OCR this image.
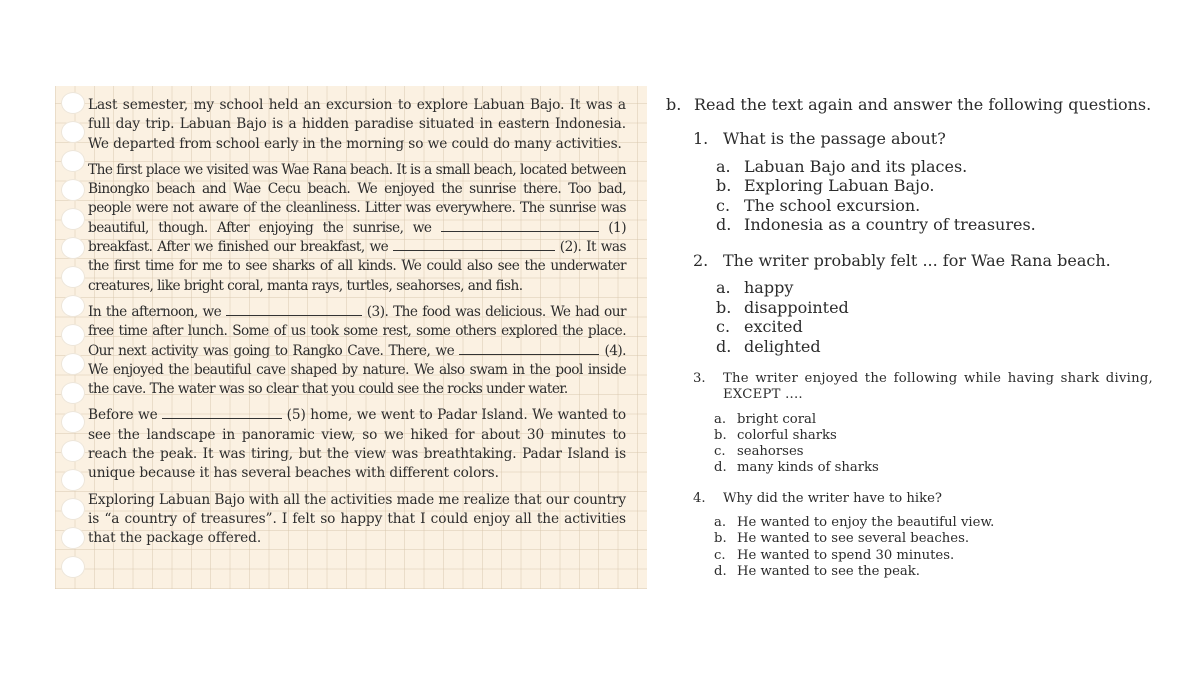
Last semester, my school held an excursion to explore Labuan Bajo. It was a full day trip. Labuan Bajo is a hidden paradise situated in eastern Indonesia. We departed from school early in the morning so we could do many activities.

The first place we visited was Wae Rana beach. It is a small beach, located between Binongko beach and Wae Cecu beach. We enjoyed the sunrise there. Too bad, people were not aware of the cleanliness. Litter was everywhere. The sunrise was beautiful, though. After enjoying the sunrise, we	(1) breakfast. After we finished our breakfast, we	(2). It was the first time for me to see sharks of all kinds. We could also see the underwater creatures, like bright coral, manta rays, turtles, seahorses, and fish.

In the afternoon, we	(3). The food was delicious. We had our free time after lunch. Some of us took some rest, some others explored the place. Our next activity was going to Rangko Cave. There, we	(4). We enjoyed the beautiful cave shaped by nature. We also swam in the pool inside the cave. The water was so clear that you could see the rocks under water.

Before we	(5) home, we went to Padar Island. We wanted to see the landscape in panoramic view, so we hiked for about 30 minutes to reach the peak. It was tiring, but the view was breathtaking. Padar Island is unique because it has several beaches with different colors.

Exploring Labuan Bajo with all the activities made me realize that our country is “a country of treasures”. I felt so happy that I could enjoy all the activities that the package offered.

b. Read the text again and answer the following questions.
1. What is the passage about?
a. Labuan Bajo and its places.
b. Exploring Labuan Bajo.
c. The school excursion.
d. Indonesia as a country of treasures.
2. The writer probably felt ... for Wae Rana beach.
a. happy
b. disappointed
c. excited
d. delighted
3.	The writer enjoyed the following while having shark diving, EXCEPT ....
a. bright coral
b. colorful sharks
c. seahorses
d. many kinds of sharks
4.	Why did the writer have to hike?
a. He wanted to enjoy the beautiful view.
b. He wanted to see several beaches.
c. He wanted to spend 30 minutes.
d. He wanted to see the peak.
